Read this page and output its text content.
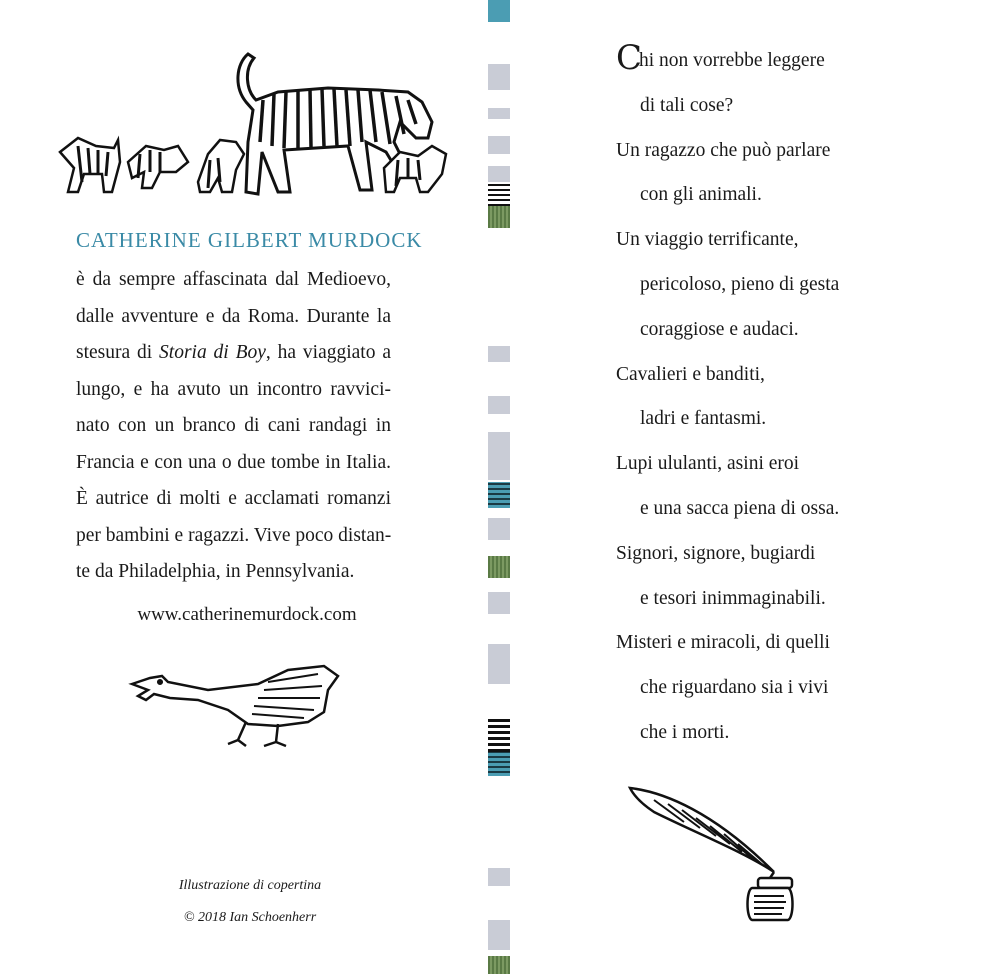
CATHERINE GILBERT MURDOCK
è da sempre affascinata dal Medioevo,
dalle avventure e da Roma. Durante la
stesura di Storia di Boy, ha viaggiato a
lungo, e ha avuto un incontro ravvici-
nato con un branco di cani randagi in
Francia e con una o due tombe in Italia.
È autrice di molti e acclamati romanzi
per bambini e ragazzi. Vive poco distan-
te da Philadelphia, in Pennsylvania.
www.catherinemurdock.com
Illustrazione di copertina
© 2018 Ian Schoenherr
Chi non vorrebbe leggere
di tali cose?
Un ragazzo che può parlare
con gli animali.
Un viaggio terrificante,
pericoloso, pieno di gesta
coraggiose e audaci.
Cavalieri e banditi,
ladri e fantasmi.
Lupi ululanti, asini eroi
e una sacca piena di ossa.
Signori, signore, bugiardi
e tesori inimmaginabili.
Misteri e miracoli, di quelli
che riguardano sia i vivi
che i morti.
